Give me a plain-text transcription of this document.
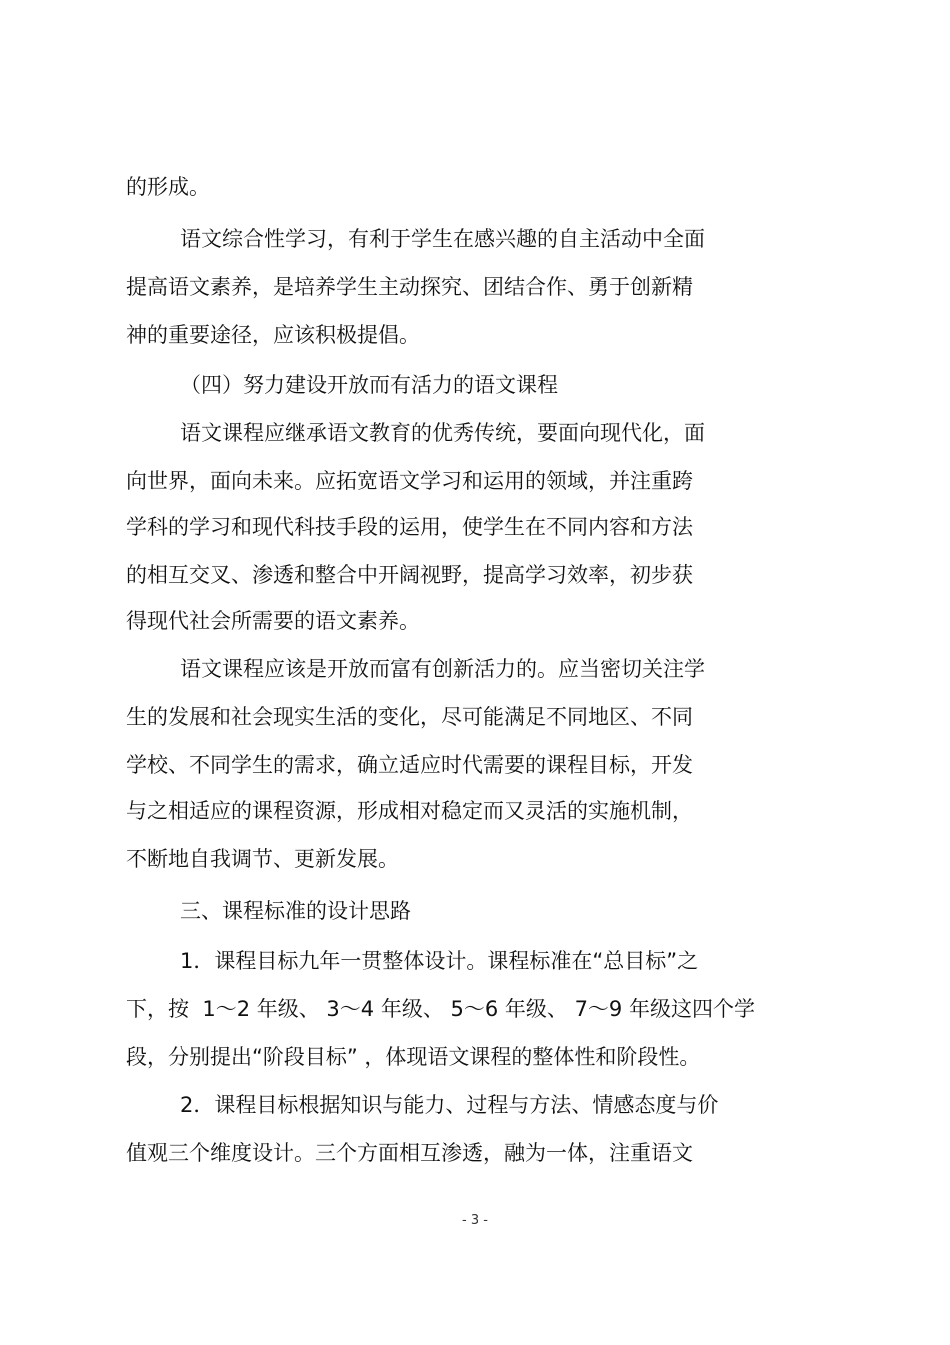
的形成。
语文综合性学习，有利于学生在感兴趣的自主活动中全面
提高语文素养，是培养学生主动探究、团结合作、勇于创新精
神的重要途径，应该积极提倡。
（四）努力建设开放而有活力的语文课程
语文课程应继承语文教育的优秀传统，要面向现代化，面
向世界，面向未来。应拓宽语文学习和运用的领域，并注重跨
学科的学习和现代科技手段的运用，使学生在不同内容和方法
的相互交叉、渗透和整合中开阔视野，提高学习效率，初步获
得现代社会所需要的语文素养。
语文课程应该是开放而富有创新活力的。应当密切关注学
生的发展和社会现实生活的变化，尽可能满足不同地区、不同
学校、不同学生的需求，确立适应时代需要的课程目标，开发
与之相适应的课程资源，形成相对稳定而又灵活的实施机制，
不断地自我调节、更新发展。
三、课程标准的设计思路
1．课程目标九年一贯整体设计。课程标准在“总目标”之
下，按  1～2 年级、 3～4 年级、 5～6 年级、 7～9 年级这四个学
段，分别提出“阶段目标” ，体现语文课程的整体性和阶段性。
2．课程目标根据知识与能力、过程与方法、情感态度与价
值观三个维度设计。三个方面相互渗透，融为一体，注重语文
- 3 -
